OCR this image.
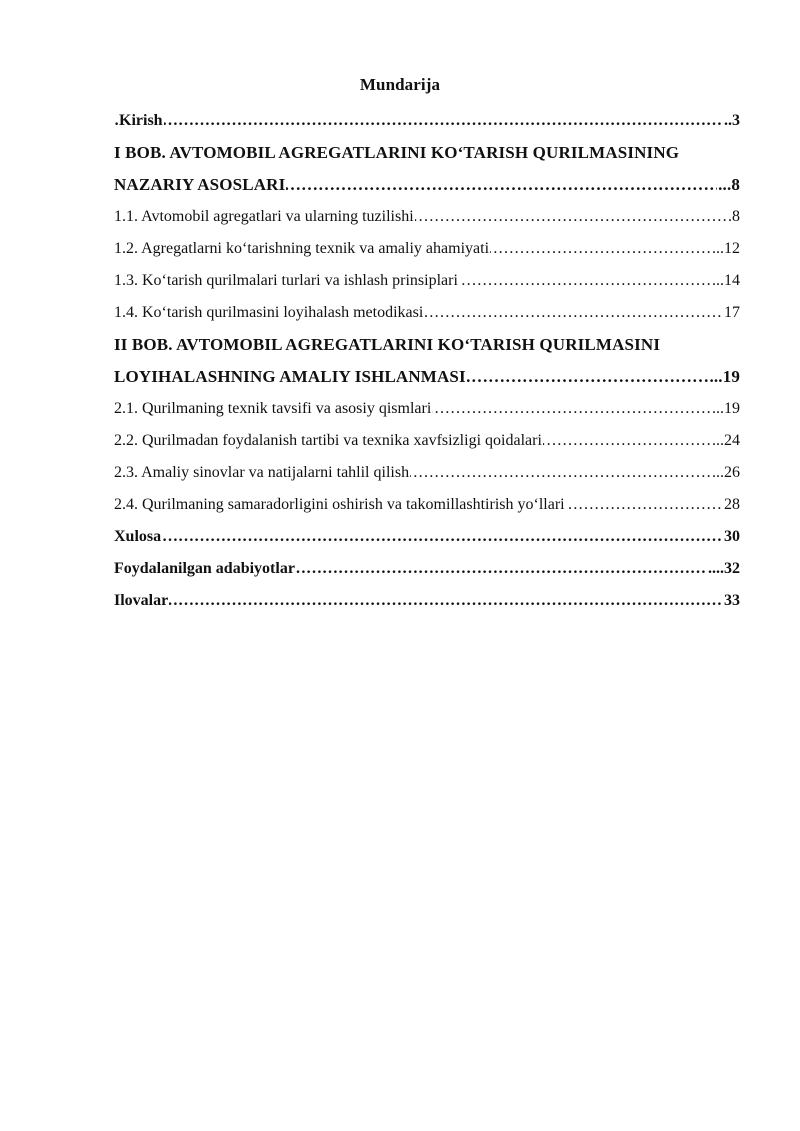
Mundarija
…………………………………………………………………………………………………………………………………………………………………………
Kirish	..3
I BOB. AVTOMOBIL AGREGATLARINI KO‘TARISH QURILMASINING
…………………………………………………………………………………………………………………………………………………………………………
NAZARIY ASOSLARI	...8
…………………………………………………………………………………………………………………………………………………………………………
1.1. Avtomobil agregatlari va ularning tuzilishi	8
…………………………………………………………………………………………………………………………………………………………………………
1.2. Agregatlarni ko‘tarishning texnik va amaliy ahamiyati	...12
…………………………………………………………………………………………………………………………………………………………………………
1.3. Ko‘tarish qurilmalari turlari va ishlash prinsiplari	...14
…………………………………………………………………………………………………………………………………………………………………………
1.4. Ko‘tarish qurilmasini loyihalash metodikasi	17
II BOB. AVTOMOBIL AGREGATLARINI KO‘TARISH QURILMASINI
…………………………………………………………………………………………………………………………………………………………………………
LOYIHALASHNING AMALIY ISHLANMASI	...19
…………………………………………………………………………………………………………………………………………………………………………
2.1. Qurilmaning texnik tavsifi va asosiy qismlari	..19
…………………………………………………………………………………………………………………………………………………………………………
2.2. Qurilmadan foydalanish tartibi va texnika xavfsizligi qoidalari	..24
…………………………………………………………………………………………………………………………………………………………………………
2.3. Amaliy sinovlar va natijalarni tahlil qilish	...26
…………………………………………………………………………………………………………………………………………………………………………
2.4. Qurilmaning samaradorligini oshirish va takomillashtirish yo‘llari	28
…………………………………………………………………………………………………………………………………………………………………………
Xulosa	30
…………………………………………………………………………………………………………………………………………………………………………
Foydalanilgan adabiyotlar	....32
…………………………………………………………………………………………………………………………………………………………………………
Ilovalar	33
